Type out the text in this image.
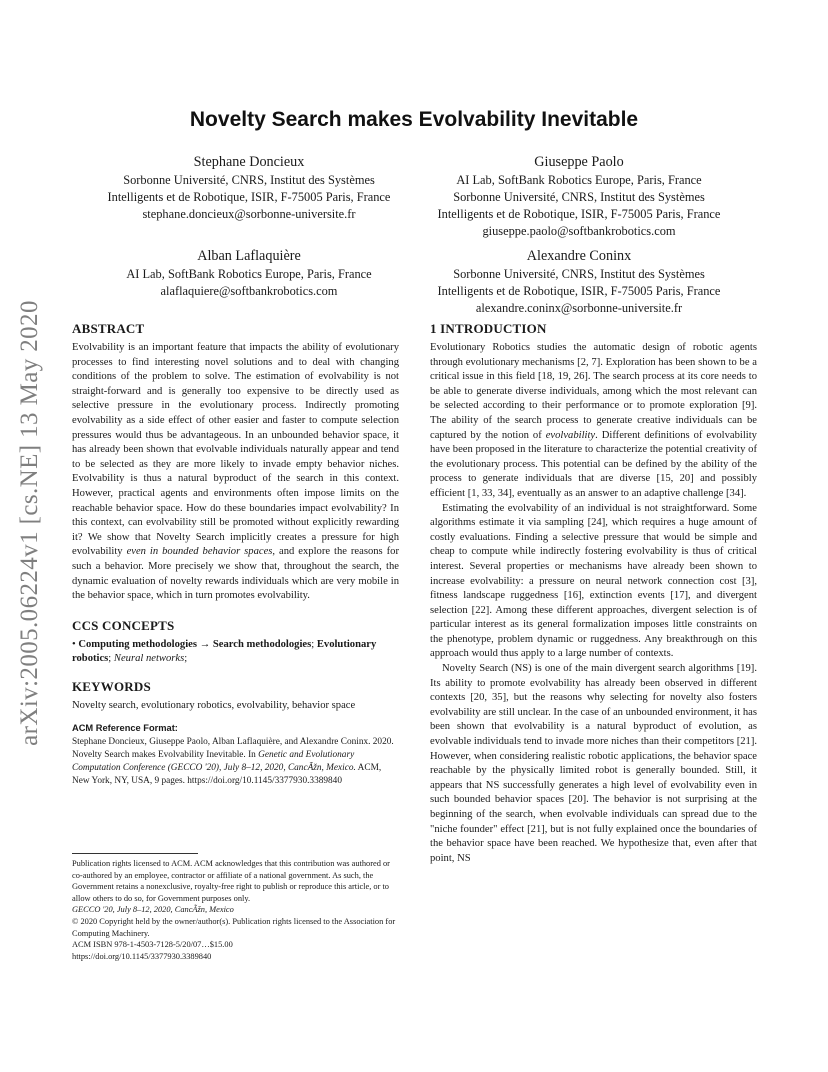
arXiv:2005.06224v1 [cs.NE] 13 May 2020
Novelty Search makes Evolvability Inevitable
Stephane Doncieux
Sorbonne Université, CNRS, Institut des Systèmes
Intelligents et de Robotique, ISIR, F-75005 Paris, France
stephane.doncieux@sorbonne-universite.fr
Giuseppe Paolo
AI Lab, SoftBank Robotics Europe, Paris, France
Sorbonne Université, CNRS, Institut des Systèmes
Intelligents et de Robotique, ISIR, F-75005 Paris, France
giuseppe.paolo@softbankrobotics.com
Alban Laflaquière
AI Lab, SoftBank Robotics Europe, Paris, France
alaflaquiere@softbankrobotics.com
Alexandre Coninx
Sorbonne Université, CNRS, Institut des Systèmes
Intelligents et de Robotique, ISIR, F-75005 Paris, France
alexandre.coninx@sorbonne-universite.fr

ABSTRACT

Evolvability is an important feature that impacts the ability of evolutionary processes to find interesting novel solutions and to deal with changing conditions of the problem to solve. The estimation of evolvability is not straight-forward and is generally too expensive to be directly used as selective pressure in the evolutionary process. Indirectly promoting evolvability as a side effect of other easier and faster to compute selection pressures would thus be advantageous. In an unbounded behavior space, it has already been shown that evolvable individuals naturally appear and tend to be selected as they are more likely to invade empty behavior niches. Evolvability is thus a natural byproduct of the search in this context. However, practical agents and environments often impose limits on the reachable behavior space. How do these boundaries impact evolvability? In this context, can evolvability still be promoted without explicitly rewarding it? We show that Novelty Search implicitly creates a pressure for high evolvability even in bounded behavior spaces, and explore the reasons for such a behavior. More precisely we show that, throughout the search, the dynamic evaluation of novelty rewards individuals which are very mobile in the behavior space, which in turn promotes evolvability.

CCS CONCEPTS

• Computing methodologies → Search methodologies; Evolutionary robotics; Neural networks;

KEYWORDS

Novelty search, evolutionary robotics, evolvability, behavior space

ACM Reference Format:

Stephane Doncieux, Giuseppe Paolo, Alban Laflaquière, and Alexandre Coninx. 2020. Novelty Search makes Evolvability Inevitable. In Genetic and Evolutionary Computation Conference (GECCO '20), July 8–12, 2020, CancÃžn, Mexico. ACM, New York, NY, USA, 9 pages. https://doi.org/10.1145/3377930.3389840

Publication rights licensed to ACM. ACM acknowledges that this contribution was authored or co-authored by an employee, contractor or affiliate of a national government. As such, the Government retains a nonexclusive, royalty-free right to publish or reproduce this article, or to allow others to do so, for Government purposes only.

GECCO '20, July 8–12, 2020, CancÃžn, Mexico

© 2020 Copyright held by the owner/author(s). Publication rights licensed to the Association for Computing Machinery.

ACM ISBN 978-1-4503-7128-5/20/07…$15.00

https://doi.org/10.1145/3377930.3389840

1 INTRODUCTION

Evolutionary Robotics studies the automatic design of robotic agents through evolutionary mechanisms [2, 7]. Exploration has been shown to be a critical issue in this field [18, 19, 26]. The search process at its core needs to be able to generate diverse individuals, among which the most relevant can be selected according to their performance or to promote exploration [9]. The ability of the search process to generate creative individuals can be captured by the notion of evolvability. Different definitions of evolvability have been proposed in the literature to characterize the potential creativity of the evolutionary process. This potential can be defined by the ability of the process to generate individuals that are diverse [15, 20] and possibly efficient [1, 33, 34], eventually as an answer to an adaptive challenge [34].

Estimating the evolvability of an individual is not straightforward. Some algorithms estimate it via sampling [24], which requires a huge amount of costly evaluations. Finding a selective pressure that would be simple and cheap to compute while indirectly fostering evolvability is thus of critical interest. Several properties or mechanisms have already been shown to increase evolvability: a pressure on neural network connection cost [3], fitness landscape ruggedness [16], extinction events [17], and divergent selection [22]. Among these different approaches, divergent selection is of particular interest as its general formalization imposes little constraints on the phenotype, problem dynamic or ruggedness. Any breakthrough on this approach would thus apply to a large number of contexts.

Novelty Search (NS) is one of the main divergent search algorithms [19]. Its ability to promote evolvability has already been observed in different contexts [20, 35], but the reasons why selecting for novelty also fosters evolvability are still unclear. In the case of an unbounded environment, it has been shown that evolvability is a natural byproduct of evolution, as evolvable individuals tend to invade more niches than their competitors [21]. However, when considering realistic robotic applications, the behavior space reachable by the physically limited robot is generally bounded. Still, it appears that NS successfully generates a high level of evolvability even in such bounded behavior spaces [20]. The behavior is not surprising at the beginning of the search, when evolvable individuals can spread due to the "niche founder" effect [21], but is not fully explained once the boundaries of the behavior space have been reached. We hypothesize that, even after that point, NS
